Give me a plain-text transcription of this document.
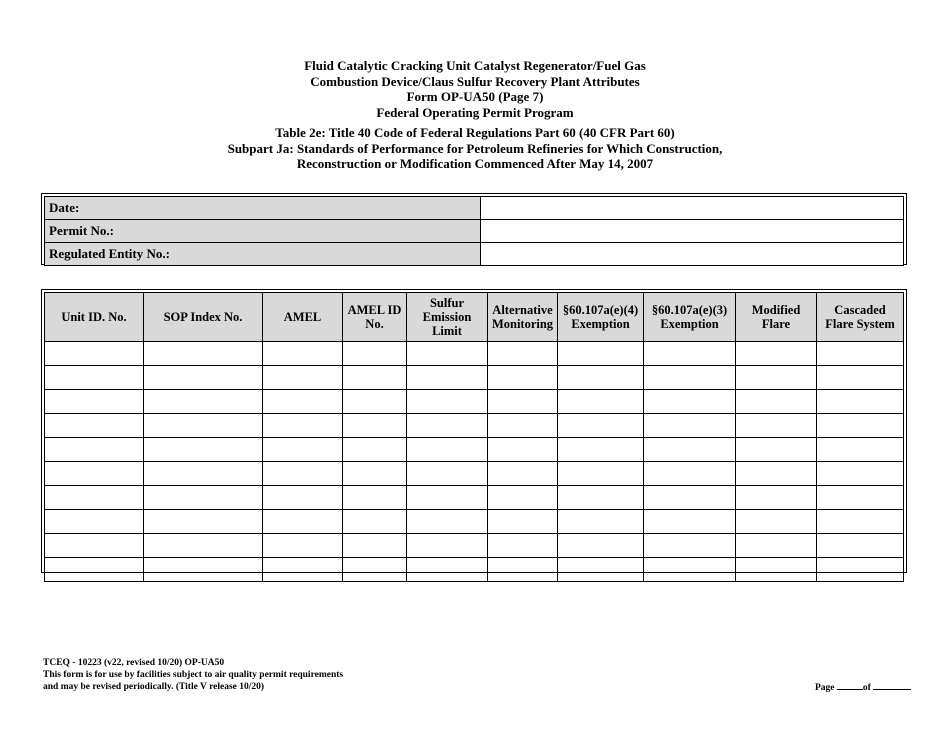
Fluid Catalytic Cracking Unit Catalyst Regenerator/Fuel Gas
Combustion Device/Claus Sulfur Recovery Plant Attributes
Form OP-UA50 (Page 7)
Federal Operating Permit Program
Table 2e: Title 40 Code of Federal Regulations Part 60 (40 CFR Part 60)
Subpart Ja: Standards of Performance for Petroleum Refineries for Which Construction,
Reconstruction or Modification Commenced After May 14, 2007
Date:	
Permit No.:	
Regulated Entity No.:	
Unit ID. No.	SOP Index No.	AMEL	AMEL ID No.	Sulfur Emission Limit	Alternative Monitoring	§60.107a(e)(4) Exemption	§60.107a(e)(3) Exemption	Modified Flare	Cascaded Flare System

TCEQ - 10223 (v22, revised 10/20) OP-UA50
This form is for use by facilities subject to air quality permit requirements
and may be revised periodically. (Title V release 10/20)	Page	of
